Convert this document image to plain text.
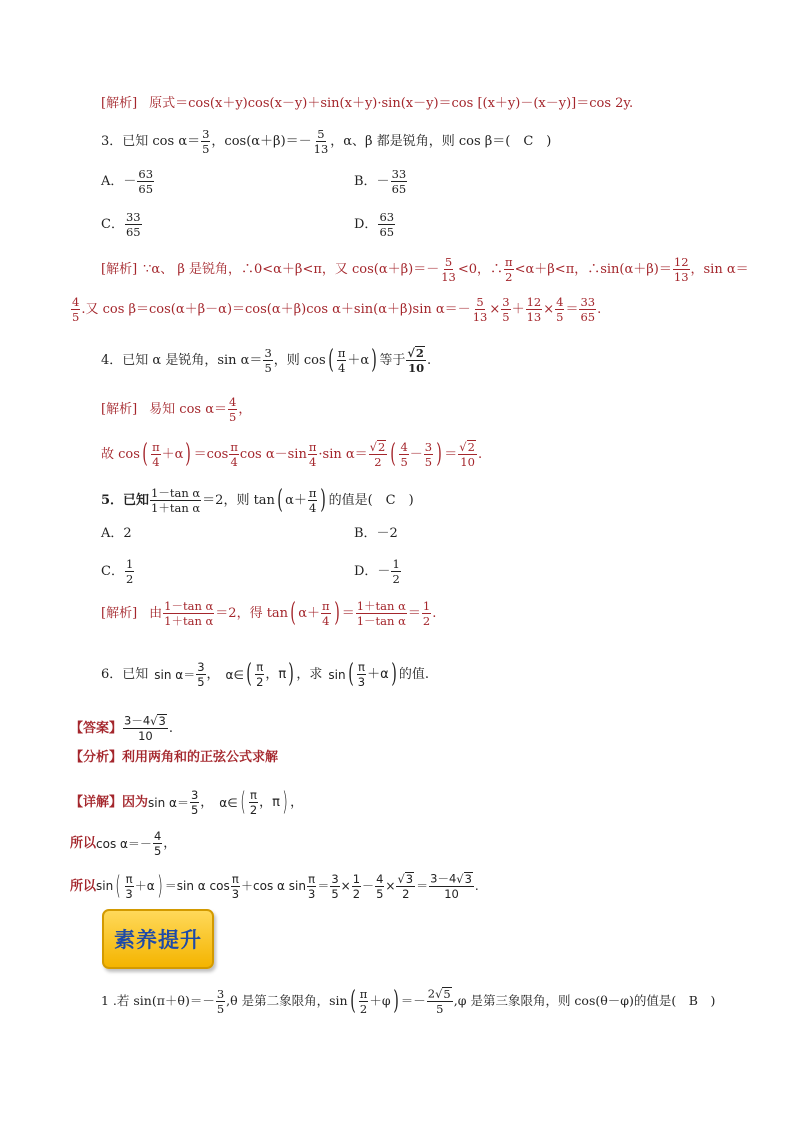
[解析] 原式＝cos(x＋y)cos(x－y)＋sin(x＋y)·sin(x－y)＝cos [(x＋y)－(x－y)]＝cos 2y.
3．已知 $\cos \alpha= \frac{3}{5}$ ，$\cos(\alpha+\beta)=- \frac{5}{13}$ ，α、β 都是锐角，则 cos β＝(　C　)
A．－ $\frac{63}{65}$	B．－ $\frac{33}{65}$
C． $\frac{33}{65}$	D． $\frac{63}{65}$
[解析] ∵α、 β 是锐角，∴0<α＋β<π，又 $\cos(\alpha+\beta)=- \frac{5}{13} <0$，∴ $\frac{\pi}{2} <\alpha+\beta<\pi$，∴sin(α＋β)＝ $\frac{12}{13}$ ，sin α＝
$\frac{4}{5}$ .又 cos β＝cos(α＋β－α)＝cos(α＋β)cos α＋sin(α＋β)sin $\alpha=- \frac{5}{13} \times \frac{3}{5} + \frac{12}{13} \times \frac{4}{5} = \frac{33}{65}$ .
4．已知 α 是锐角，$\sin \alpha= \frac{3}{5}$ ，则 cos ( $\frac{\pi}{4} +\alpha$ ) 等于 $\frac{√ 2}{10}$ .
[解析] 易知 $\cos \alpha= \frac{4}{5}$ ，
故 cos ( $\frac{\pi}{4} +\alpha$ ) $=\cos \frac{\pi}{4}$ $\cos \alpha-\sin \frac{\pi}{4} \cdot\sin$ $\alpha= \frac{√ 2}{2}$ ( $\frac{4}{5} - \frac{3}{5}$ ) ＝ $\frac{√ 2}{10}$ .
5．已知 $\frac{\text{1－tan α}}{\text{1＋tan α}} =2$，则 tan ( $\alpha+ \frac{\pi}{4}$ ) 的值是(　C　)
A．2	B．－2
C． $\frac{1}{2}$	D．－ $\frac{1}{2}$
[解析] 由 $\frac{\text{1－tan α}}{\text{1＋tan α}} =2$，得 tan ( $\alpha+ \frac{\pi}{4}$ ) ＝ $\frac{\text{1＋tan α}}{\text{1－tan α}} = \frac{1}{2}$ .
6．已知 $\sin \alpha= \frac{3}{5}$ ， α∈ ( $\frac{\pi}{2}$ ，π ) ，求 sin ( $\frac{\pi}{3} +\alpha$ ) 的值.
【答案】 $\frac{3-4√ 3}{10}$ .
【分析】 利用两角和的正弦公式求解
【详解】 因为 $\sin \alpha= \frac{3}{5}$ ， α∈ ( $\frac{\pi}{2}$ ，π ) ，
所以 $\cos \alpha=- \frac{4}{5}$ ，
所以 sin ( $\frac{\pi}{3} +\alpha$ ) ＝sin α $\cos \frac{\pi}{3} +\cos$ α $\sin \frac{\pi}{3} = \frac{3}{5} \times \frac{1}{2} - \frac{4}{5} \times \frac{√ 3}{2} = \frac{3-4√ 3}{10}$ .
素养提升
1 .若 $\sin(\pi+\theta)=- \frac{3}{5} ,\theta$ 是第二象限角，sin ( $\frac{\pi}{2} +\varphi$ ) ＝－ $\frac{2√ 5}{5} ,\varphi$ 是第三象限角，则 cos(θ－φ)的值是(　B　)
